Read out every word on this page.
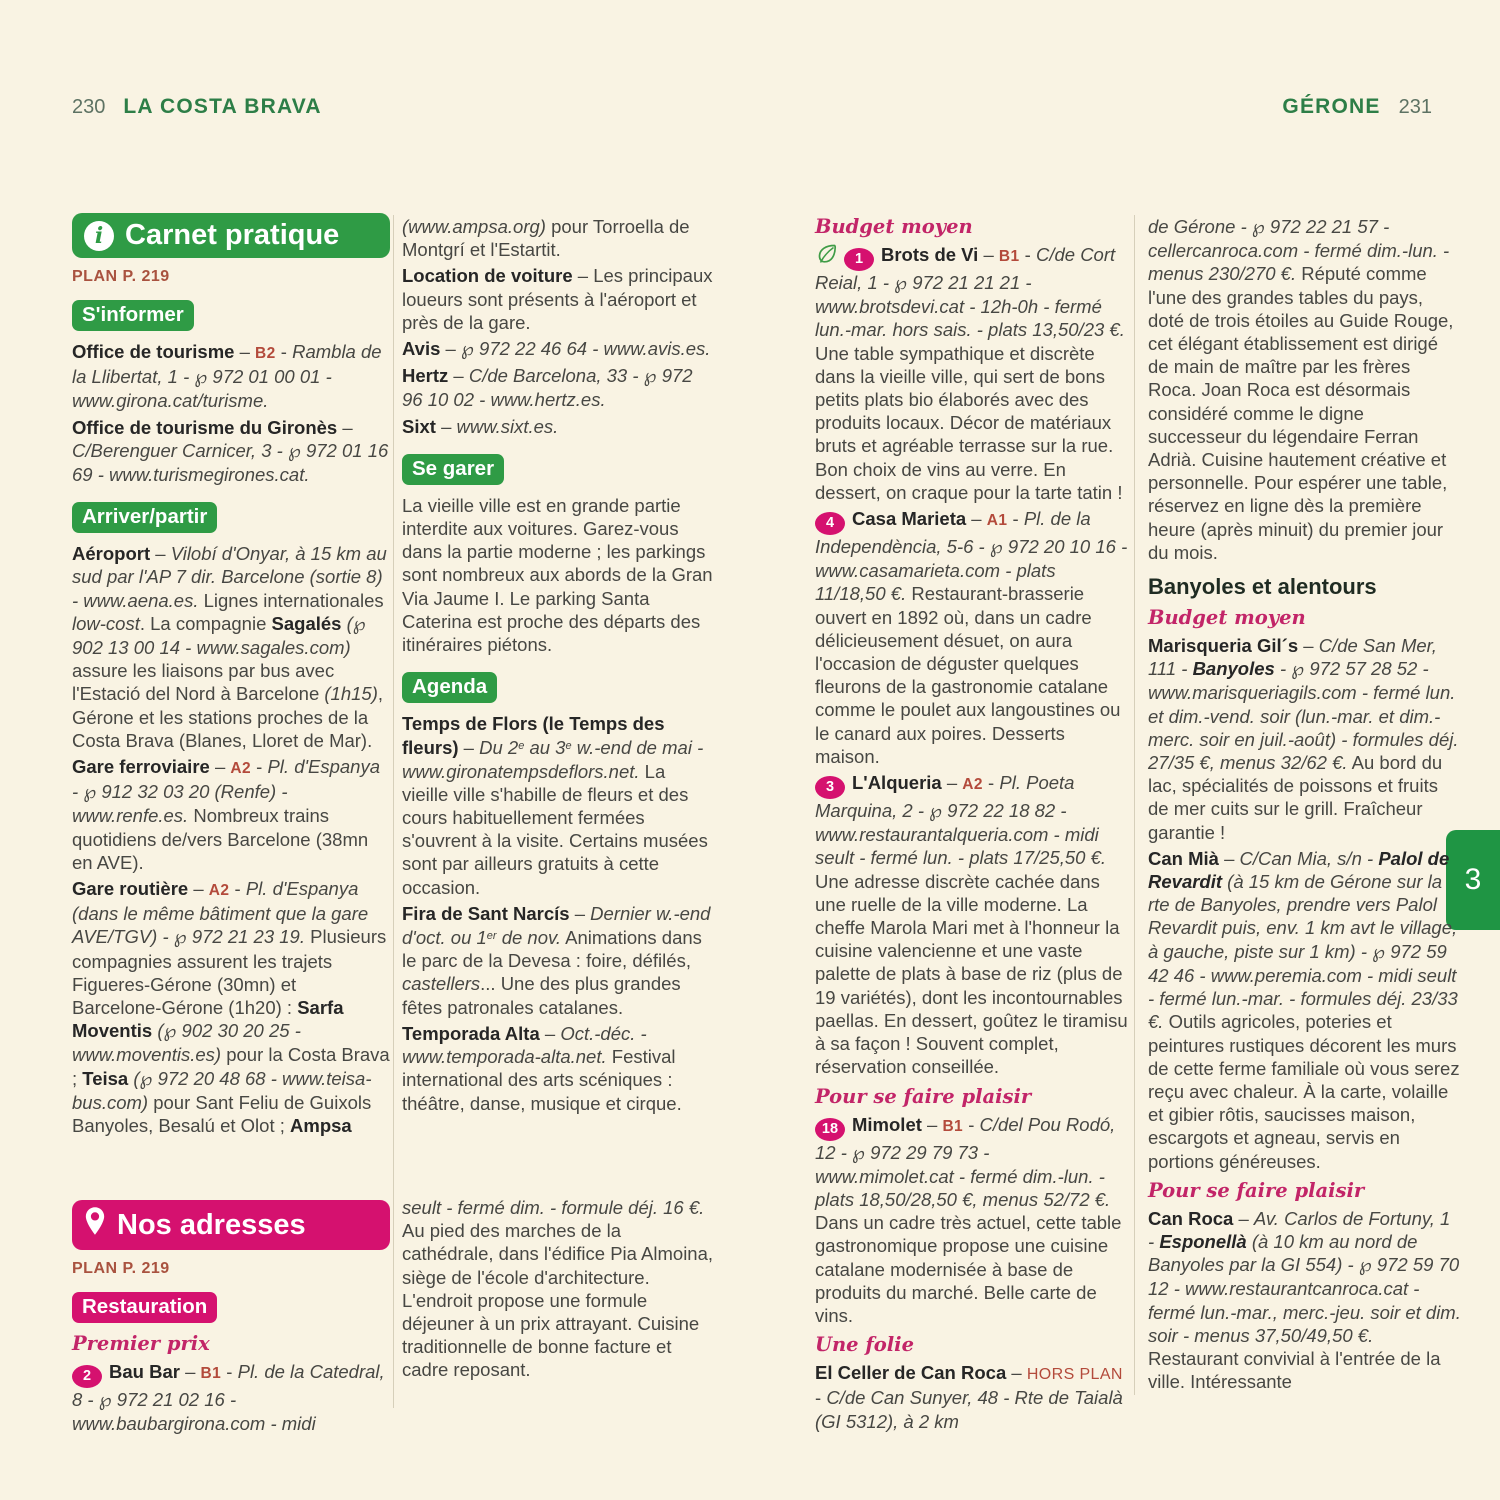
230 LA COSTA BRAVA	GÉRONE 231
3
i Carnet pratique
PLAN P. 219
S'informer

Office de tourisme – B2 - Rambla de la Llibertat, 1 - ℘ 972 01 00 01 - www.girona.cat/turisme.

Office de tourisme du Gironès – C/Berenguer Carnicer, 3 - ℘ 972 01 16 69 - www.turismegirones.cat.

Arriver/partir

Aéroport – Vilobí d'Onyar, à 15 km au sud par l'AP 7 dir. Barcelone (sortie 8) - www.aena.es. Lignes internationales low-cost. La compagnie Sagalés (℘ 902 13 00 14 - www.sagales.com) assure les liaisons par bus avec l'Estació del Nord à Barcelone (1h15), Gérone et les stations proches de la Costa Brava (Blanes, Lloret de Mar).

Gare ferroviaire – A2 - Pl. d'Espanya - ℘ 912 32 03 20 (Renfe) - www.renfe.es. Nombreux trains quotidiens de/vers Barcelone (38mn en AVE).

Gare routière – A2 - Pl. d'Espanya (dans le même bâtiment que la gare AVE/TGV) - ℘ 972 21 23 19. Plusieurs compagnies assurent les trajets Figueres-Gérone (30mn) et Barcelone-Gérone (1h20) : Sarfa Moventis (℘ 902 30 20 25 - www.moventis.es) pour la Costa Brava ; Teisa (℘ 972 20 48 68 - www.teisa-bus.com) pour Sant Feliu de Guixols Banyoles, Besalú et Olot ; Ampsa

Nos adresses
PLAN P. 219
Restauration
Premier prix

2 Bau Bar – B1 - Pl. de la Catedral, 8 - ℘ 972 21 02 16 - www.baubargirona.com - midi

(www.ampsa.org) pour Torroella de Montgrí et l'Estartit.

Location de voiture – Les principaux loueurs sont présents à l'aéroport et près de la gare.

Avis – ℘ 972 22 46 64 - www.avis.es.

Hertz – C/de Barcelona, 33 - ℘ 972 96 10 02 - www.hertz.es.

Sixt – www.sixt.es.

Se garer

La vieille ville est en grande partie interdite aux voitures. Garez-vous dans la partie moderne ; les parkings sont nombreux aux abords de la Gran Via Jaume I. Le parking Santa Caterina est proche des départs des itinéraires piétons.

Agenda

Temps de Flors (le Temps des fleurs) – Du 2e au 3e w.-end de mai - www.gironatempsdeflors.net. La vieille ville s'habille de fleurs et des cours habituellement fermées s'ouvrent à la visite. Certains musées sont par ailleurs gratuits à cette occasion.

Fira de Sant Narcís – Dernier w.-end d'oct. ou 1er de nov. Animations dans le parc de la Devesa : foire, défilés, castellers... Une des plus grandes fêtes patronales catalanes.

Temporada Alta – Oct.-déc. - www.temporada-alta.net. Festival international des arts scéniques : théâtre, danse, musique et cirque.

seult - fermé dim. - formule déj. 16 €. Au pied des marches de la cathédrale, dans l'édifice Pia Almoina, siège de l'école d'architecture. L'endroit propose une formule déjeuner à un prix attrayant. Cuisine traditionnelle de bonne facture et cadre reposant.

Budget moyen

1 Brots de Vi – B1 - C/de Cort Reial, 1 - ℘ 972 21 21 21 - www.brotsdevi.cat - 12h-0h - fermé lun.-mar. hors sais. - plats 13,50/23 €. Une table sympathique et discrète dans la vieille ville, qui sert de bons petits plats bio élaborés avec des produits locaux. Décor de matériaux bruts et agréable terrasse sur la rue. Bon choix de vins au verre. En dessert, on craque pour la tarte tatin !

4 Casa Marieta – A1 - Pl. de la Independència, 5-6 - ℘ 972 20 10 16 - www.casamarieta.com - plats 11/18,50 €. Restaurant-brasserie ouvert en 1892 où, dans un cadre délicieusement désuet, on aura l'occasion de déguster quelques fleurons de la gastronomie catalane comme le poulet aux langoustines ou le canard aux poires. Desserts maison.

3 L'Alqueria – A2 - Pl. Poeta Marquina, 2 - ℘ 972 22 18 82 - www.restaurantalqueria.com - midi seult - fermé lun. - plats 17/25,50 €. Une adresse discrète cachée dans une ruelle de la ville moderne. La cheffe Marola Mari met à l'honneur la cuisine valencienne et une vaste palette de plats à base de riz (plus de 19 variétés), dont les incontournables paellas. En dessert, goûtez le tiramisu à sa façon ! Souvent complet, réservation conseillée.

Pour se faire plaisir

18 Mimolet – B1 - C/del Pou Rodó, 12 - ℘ 972 29 79 73 - www.mimolet.cat - fermé dim.-lun. - plats 18,50/28,50 €, menus 52/72 €. Dans un cadre très actuel, cette table gastronomique propose une cuisine catalane modernisée à base de produits du marché. Belle carte de vins.

Une folie

El Celler de Can Roca – HORS PLAN - C/de Can Sunyer, 48 - Rte de Taialà (GI 5312), à 2 km

de Gérone - ℘ 972 22 21 57 - cellercanroca.com - fermé dim.-lun. - menus 230/270 €. Réputé comme l'une des grandes tables du pays, doté de trois étoiles au Guide Rouge, cet élégant établissement est dirigé de main de maître par les frères Roca. Joan Roca est désormais considéré comme le digne successeur du légendaire Ferran Adrià. Cuisine hautement créative et personnelle. Pour espérer une table, réservez en ligne dès la première heure (après minuit) du premier jour du mois.

Banyoles et alentours
Budget moyen

Marisqueria Gil´s – C/de San Mer, 111 - Banyoles - ℘ 972 57 28 52 - www.marisqueriagils.com - fermé lun. et dim.-vend. soir (lun.-mar. et dim.-merc. soir en juil.-août) - formules déj. 27/35 €, menus 32/62 €. Au bord du lac, spécialités de poissons et fruits de mer cuits sur le grill. Fraîcheur garantie !

Can Mià – C/Can Mia, s/n - Palol de Revardit (à 15 km de Gérone sur la rte de Banyoles, prendre vers Palol Revardit puis, env. 1 km avt le village, à gauche, piste sur 1 km) - ℘ 972 59 42 46 - www.peremia.com - midi seult - fermé lun.-mar. - formules déj. 23/33 €. Outils agricoles, poteries et peintures rustiques décorent les murs de cette ferme familiale où vous serez reçu avec chaleur. À la carte, volaille et gibier rôtis, saucisses maison, escargots et agneau, servis en portions généreuses.

Pour se faire plaisir

Can Roca – Av. Carlos de Fortuny, 1 - Esponellà (à 10 km au nord de Banyoles par la GI 554) - ℘ 972 59 70 12 - www.restaurantcanroca.cat - fermé lun.-mar., merc.-jeu. soir et dim. soir - menus 37,50/49,50 €. Restaurant convivial à l'entrée de la ville. Intéressante
